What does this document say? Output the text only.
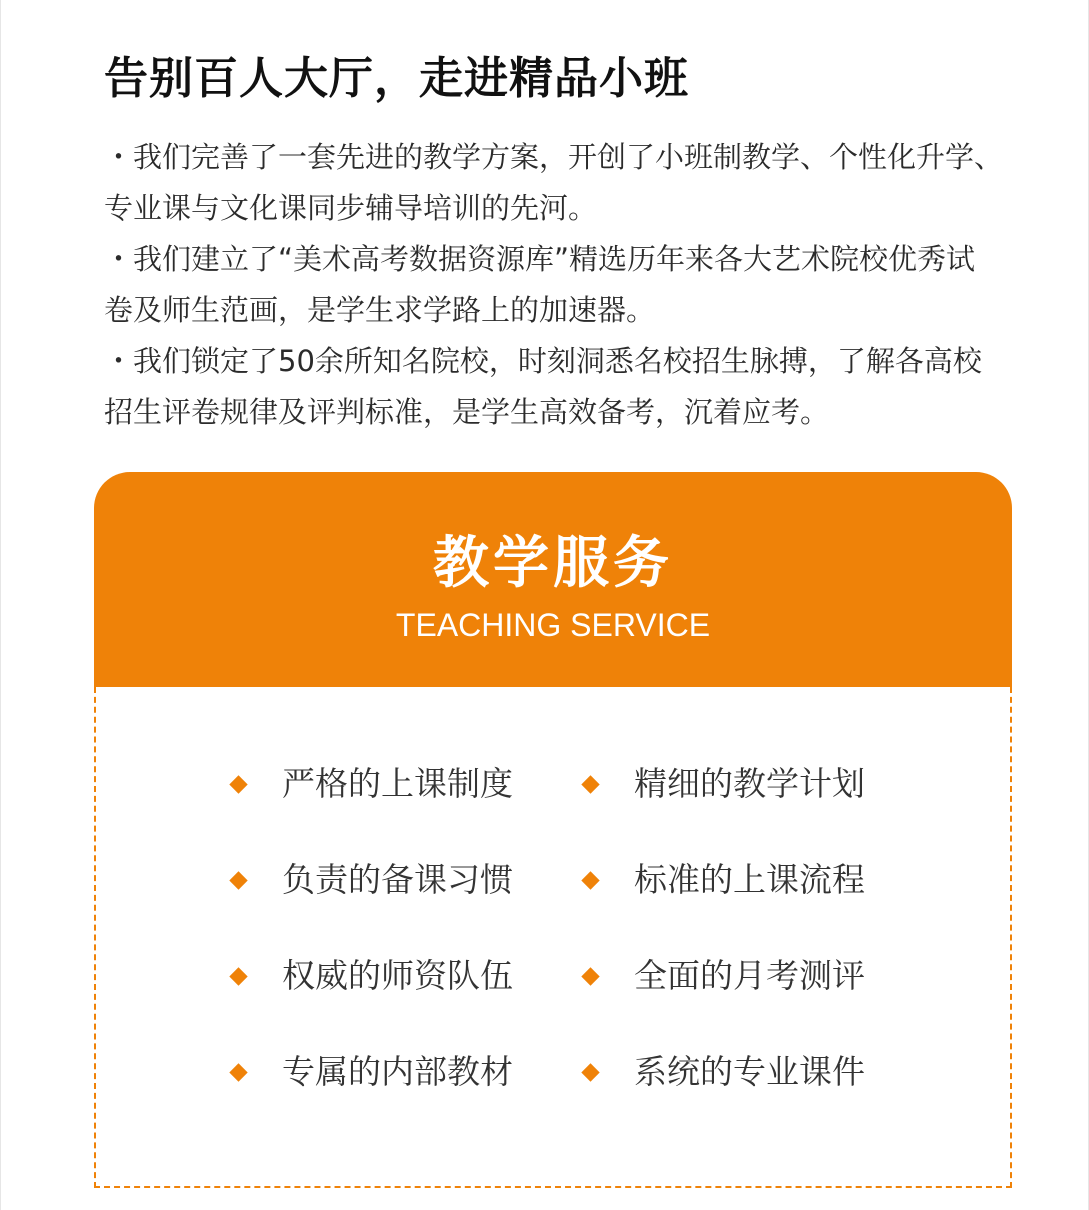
告别百人大厅，走进精品小班

・我们完善了一套先进的教学方案，开创了小班制教学、个性化升学、专业课与文化课同步辅导培训的先河。

・我们建立了“美术高考数据资源库”精选历年来各大艺术院校优秀试卷及师生范画，是学生求学路上的加速器。

・我们锁定了50余所知名院校，时刻洞悉名校招生脉搏，了解各高校招生评卷规律及评判标准，是学生高效备考，沉着应考。

教学服务
TEACHING SERVICE
严格的上课制度	精细的教学计划
负责的备课习惯	标准的上课流程
权威的师资队伍	全面的月考测评
专属的内部教材	系统的专业课件
